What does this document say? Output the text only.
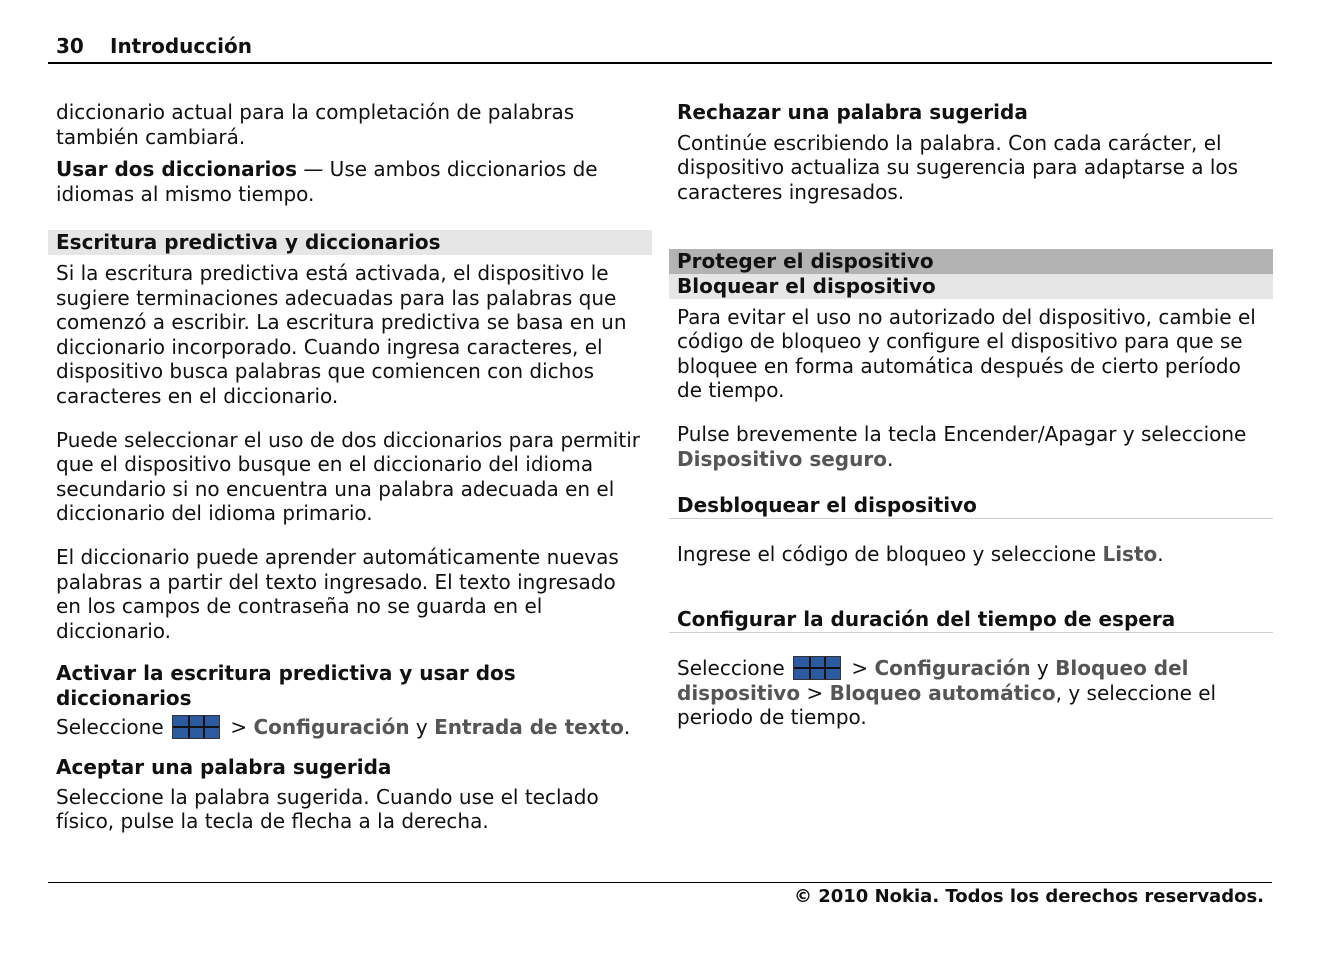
30 Introducción

diccionario actual para la completación de palabras también cambiará.

Usar dos diccionarios — Use ambos diccionarios de idiomas al mismo tiempo.

Escritura predictiva y diccionarios

Si la escritura predictiva está activada, el dispositivo le sugiere terminaciones adecuadas para las palabras que comenzó a escribir. La escritura predictiva se basa en un diccionario incorporado. Cuando ingresa caracteres, el dispositivo busca palabras que comiencen con dichos caracteres en el diccionario.

Puede seleccionar el uso de dos diccionarios para permitir que el dispositivo busque en el diccionario del idioma secundario si no encuentra una palabra adecuada en el diccionario del idioma primario.

El diccionario puede aprender automáticamente nuevas palabras a partir del texto ingresado. El texto ingresado en los campos de contraseña no se guarda en el diccionario.

Activar la escritura predictiva y usar dos diccionarios

Seleccione	> Configuración y Entrada de texto.

Aceptar una palabra sugerida

Seleccione la palabra sugerida. Cuando use el teclado físico, pulse la tecla de flecha a la derecha.

Rechazar una palabra sugerida

Continúe escribiendo la palabra. Con cada carácter, el dispositivo actualiza su sugerencia para adaptarse a los caracteres ingresados.

Proteger el dispositivo
Bloquear el dispositivo

Para evitar el uso no autorizado del dispositivo, cambie el código de bloqueo y configure el dispositivo para que se bloquee en forma automática después de cierto período de tiempo.

Pulse brevemente la tecla Encender/Apagar y seleccione Dispositivo seguro.

Desbloquear el dispositivo

Ingrese el código de bloqueo y seleccione Listo.

Configurar la duración del tiempo de espera

Seleccione	> Configuración y Bloqueo del dispositivo > Bloqueo automático, y seleccione el periodo de tiempo.

© 2010 Nokia. Todos los derechos reservados.
